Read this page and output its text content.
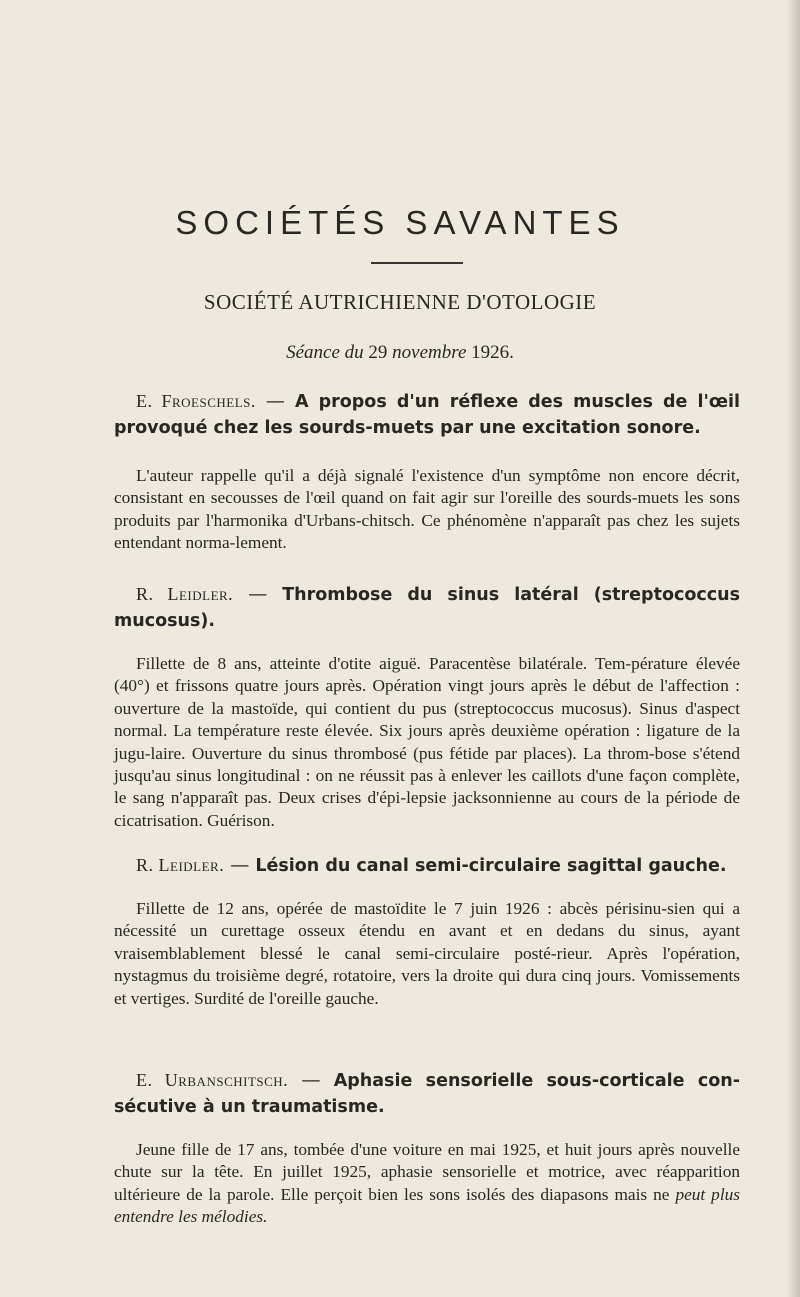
SOCIÉTÉS SAVANTES
SOCIÉTÉ AUTRICHIENNE D'OTOLOGIE
Séance du 29 novembre 1926.

E. Froeschels. — A propos d'un réflexe des muscles de l'œil provoqué chez les sourds-muets par une excitation sonore.

L'auteur rappelle qu'il a déjà signalé l'existence d'un symptôme non encore décrit, consistant en secousses de l'œil quand on fait agir sur l'oreille des sourds-muets les sons produits par l'harmonika d'Urbans-chitsch. Ce phénomène n'apparaît pas chez les sujets entendant norma-lement.

R. Leidler. — Thrombose du sinus latéral (streptococcus mucosus).

Fillette de 8 ans, atteinte d'otite aiguë. Paracentèse bilatérale. Tem-pérature élevée (40°) et frissons quatre jours après. Opération vingt jours après le début de l'affection : ouverture de la mastoïde, qui contient du pus (streptococcus mucosus). Sinus d'aspect normal. La température reste élevée. Six jours après deuxième opération : ligature de la jugu-laire. Ouverture du sinus thrombosé (pus fétide par places). La throm-bose s'étend jusqu'au sinus longitudinal : on ne réussit pas à enlever les caillots d'une façon complète, le sang n'apparaît pas. Deux crises d'épi-lepsie jacksonnienne au cours de la période de cicatrisation. Guérison.

R. Leidler. — Lésion du canal semi-circulaire sagittal gauche.

Fillette de 12 ans, opérée de mastoïdite le 7 juin 1926 : abcès périsinu-sien qui a nécessité un curettage osseux étendu en avant et en dedans du sinus, ayant vraisemblablement blessé le canal semi-circulaire posté-rieur. Après l'opération, nystagmus du troisième degré, rotatoire, vers la droite qui dura cinq jours. Vomissements et vertiges. Surdité de l'oreille gauche.

E. Urbanschitsch. — Aphasie sensorielle sous-corticale con-sécutive à un traumatisme.

Jeune fille de 17 ans, tombée d'une voiture en mai 1925, et huit jours après nouvelle chute sur la tête. En juillet 1925, aphasie sensorielle et motrice, avec réapparition ultérieure de la parole. Elle perçoit bien les sons isolés des diapasons mais ne peut plus entendre les mélodies.
